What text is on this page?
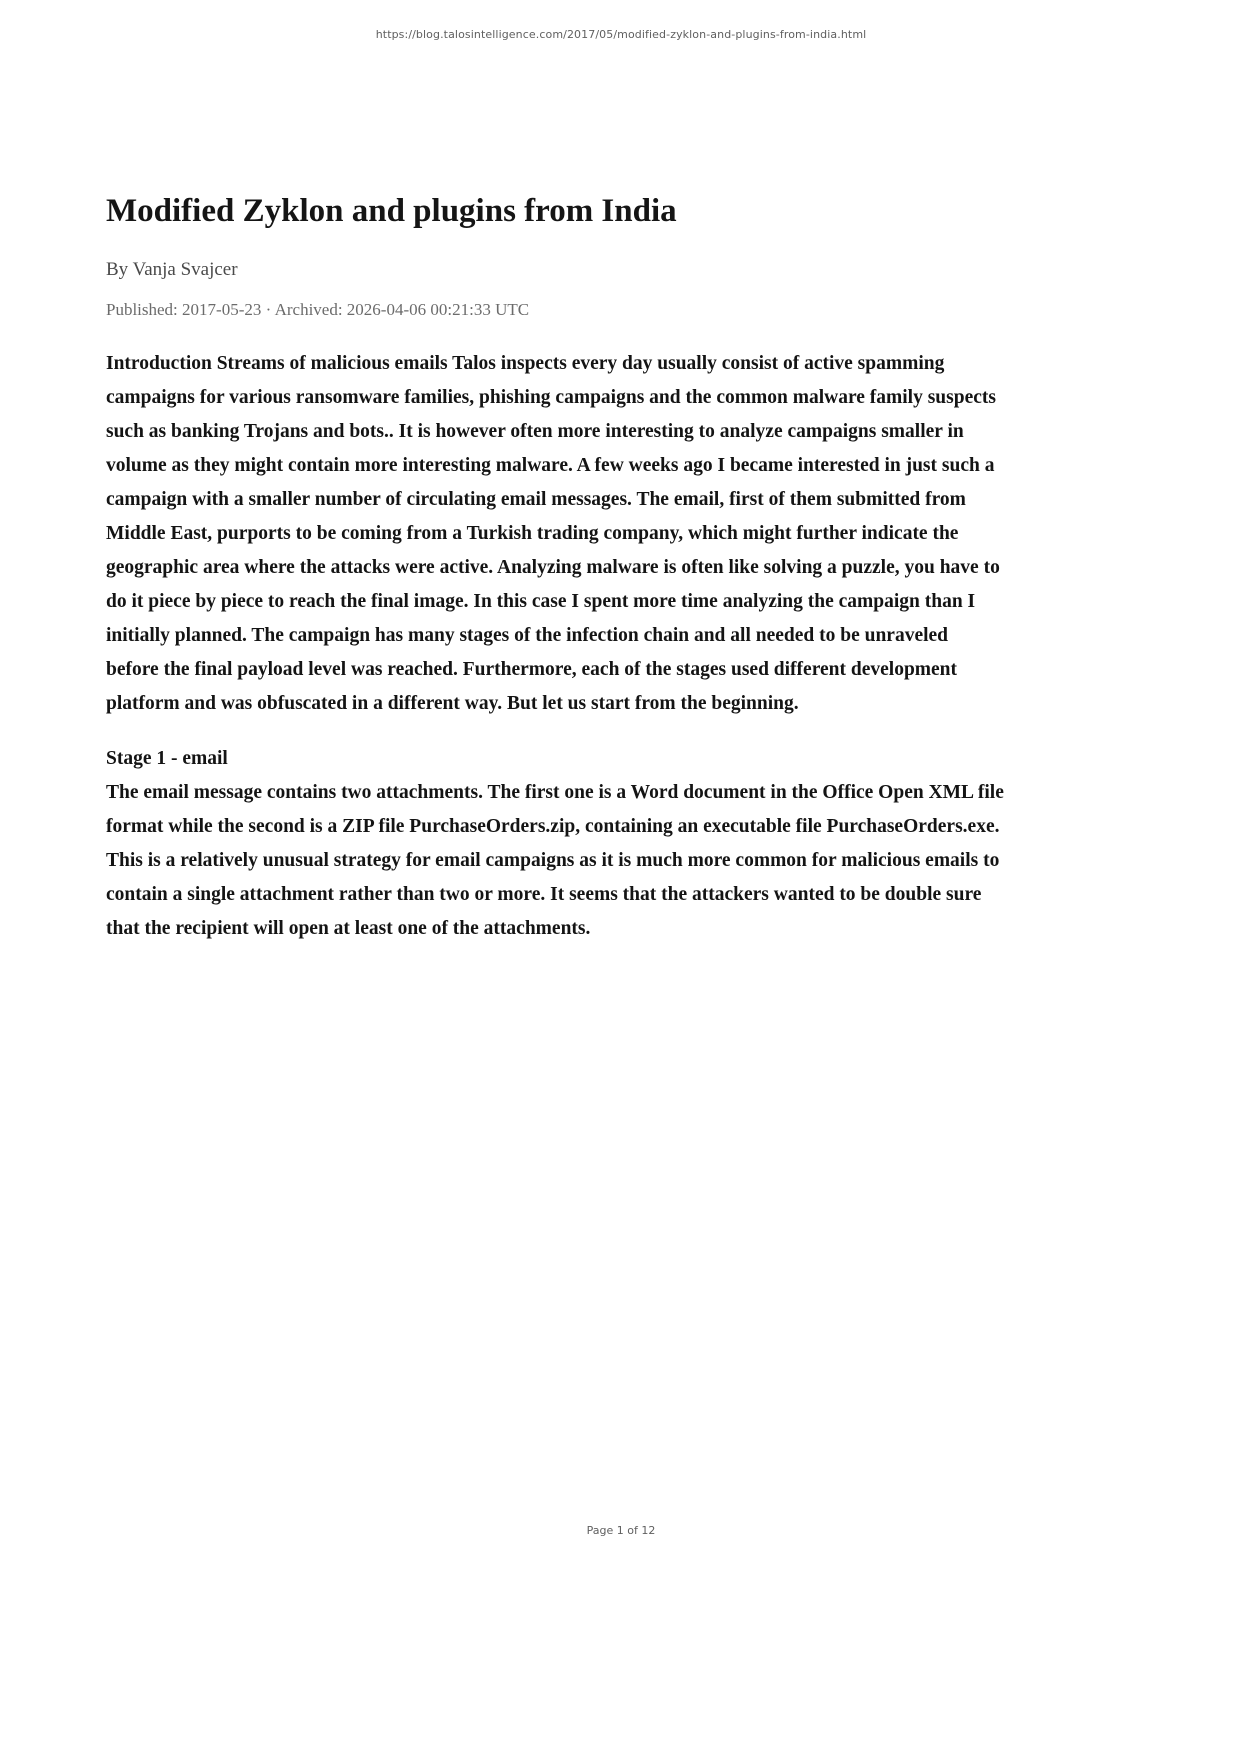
https://blog.talosintelligence.com/2017/05/modified-zyklon-and-plugins-from-india.html
Modified Zyklon and plugins from India
By Vanja Svajcer
Published: 2017-05-23 · Archived: 2026-04-06 00:21:33 UTC

Introduction Streams of malicious emails Talos inspects every day usually consist of active spamming campaigns for various ransomware families, phishing campaigns and the common malware family suspects such as banking Trojans and bots.. It is however often more interesting to analyze campaigns smaller in volume as they might contain more interesting malware. A few weeks ago I became interested in just such a campaign with a smaller number of circulating email messages. The email, first of them submitted from Middle East, purports to be coming from a Turkish trading company, which might further indicate the geographic area where the attacks were active. Analyzing malware is often like solving a puzzle, you have to do it piece by piece to reach the final image. In this case I spent more time analyzing the campaign than I initially planned. The campaign has many stages of the infection chain and all needed to be unraveled before the final payload level was reached. Furthermore, each of the stages used different development platform and was obfuscated in a different way. But let us start from the beginning.

Stage 1 - email

The email message contains two attachments. The first one is a Word document in the Office Open XML file format while the second is a ZIP file PurchaseOrders.zip, containing an executable file PurchaseOrders.exe. This is a relatively unusual strategy for email campaigns as it is much more common for malicious emails to contain a single attachment rather than two or more. It seems that the attackers wanted to be double sure that the recipient will open at least one of the attachments.

Page 1 of 12
